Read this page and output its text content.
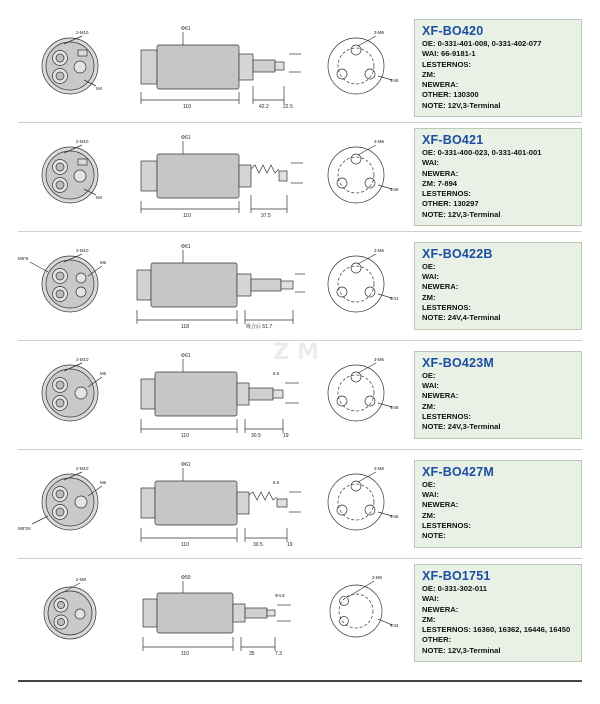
ZM
2-M10
M4
Φ61
110	42.2	22.5
3-M6
Φ46
XF-BO420
OE: 0-331-401-008, 0-331-402-077
WAI: 66-9181-1
LESTERNOS:
ZM:
NEWERA:
OTHER: 130300
NOTE: 12V,3-Terminal
2-M10
M4
Φ61
110	37.5
3-M6
Φ46
XF-BO421
OE: 0-331-400-023, 0-331-401-001
WAI:
NEWERA:
ZM: 7-894
LESTERNOS:
OTHER: 130297
NOTE: 12V,3-Terminal
2-M10
M6*8
M6
Φ61
118	吸合后 51.7
3-M6
Φ41
XF-BO422B
OE:
WAI:
NEWERA:
ZM:
LESTERNOS:
NOTE: 24V,4-Terminal
2-M10
M6
Φ61
110	30.5	19
5.5
3-M6
Φ46
XF-BO423M
OE:
WAI:
NEWERA:
ZM:
LESTERNOS:
NOTE: 24V,3-Terminal
2-M10
M6
M8*26
Φ61
110	30.5	19
5.5
3-M6
Φ46
XF-BO427M
OE:
WAI:
NEWERA:
ZM:
LESTERNOS:
NOTE:
2-M8	Φ50
110	35	7.3
Φ4.8
2-M6
Φ34
XF-BO1751
OE: 0-331-302-011
WAI:
NEWERA:
ZM:
LESTERNOS: 16360, 16362, 16446, 16450
OTHER:
NOTE: 12V,3-Terminal
